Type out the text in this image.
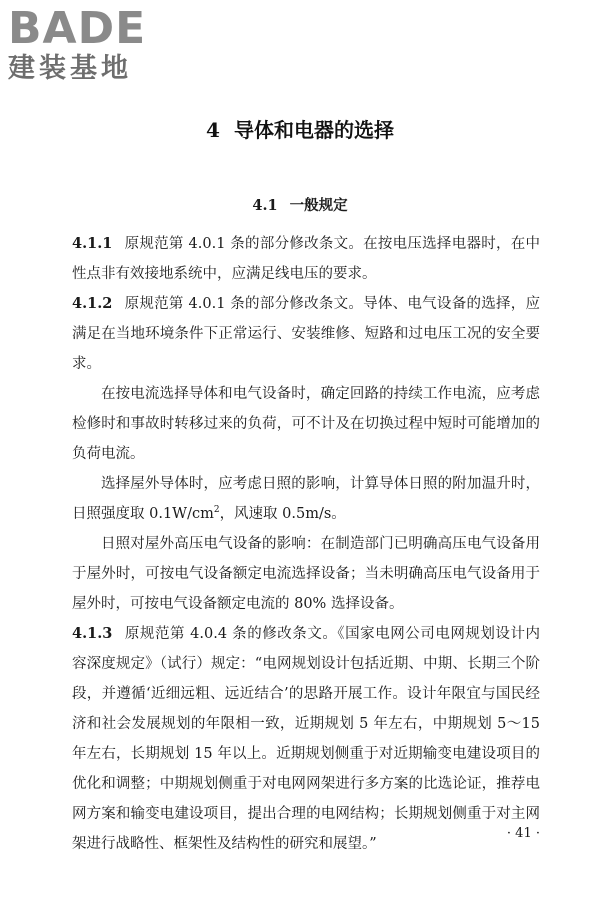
BADE
建装基地
4 导体和电器的选择
4.1 一般规定

4.1.1 原规范第 4.0.1 条的部分修改条文。在按电压选择电器时，在中性点非有效接地系统中，应满足线电压的要求。

4.1.2 原规范第 4.0.1 条的部分修改条文。导体、电气设备的选择，应满足在当地环境条件下正常运行、安装维修、短路和过电压工况的安全要求。

在按电流选择导体和电气设备时，确定回路的持续工作电流，应考虑检修时和事故时转移过来的负荷，可不计及在切换过程中短时可能增加的负荷电流。

选择屋外导体时，应考虑日照的影响，计算导体日照的附加温升时，日照强度取 $0.1W/cm^2$，风速取 0.5m/s。

日照对屋外高压电气设备的影响：在制造部门已明确高压电气设备用于屋外时，可按电气设备额定电流选择设备；当未明确高压电气设备用于屋外时，可按电气设备额定电流的 80% 选择设备。

4.1.3 原规范第 4.0.4 条的修改条文。《国家电网公司电网规划设计内容深度规定》（试行）规定：“电网规划设计包括近期、中期、长期三个阶段，并遵循‘近细远粗、远近结合’的思路开展工作。设计年限宜与国民经济和社会发展规划的年限相一致，近期规划 5 年左右，中期规划 5～15 年左右，长期规划 15 年以上。近期规划侧重于对近期输变电建设项目的优化和调整；中期规划侧重于对电网网架进行多方案的比选论证，推荐电网方案和输变电建设项目，提出合理的电网结构；长期规划侧重于对主网架进行战略性、框架性及结构性的研究和展望。”

· 41 ·
